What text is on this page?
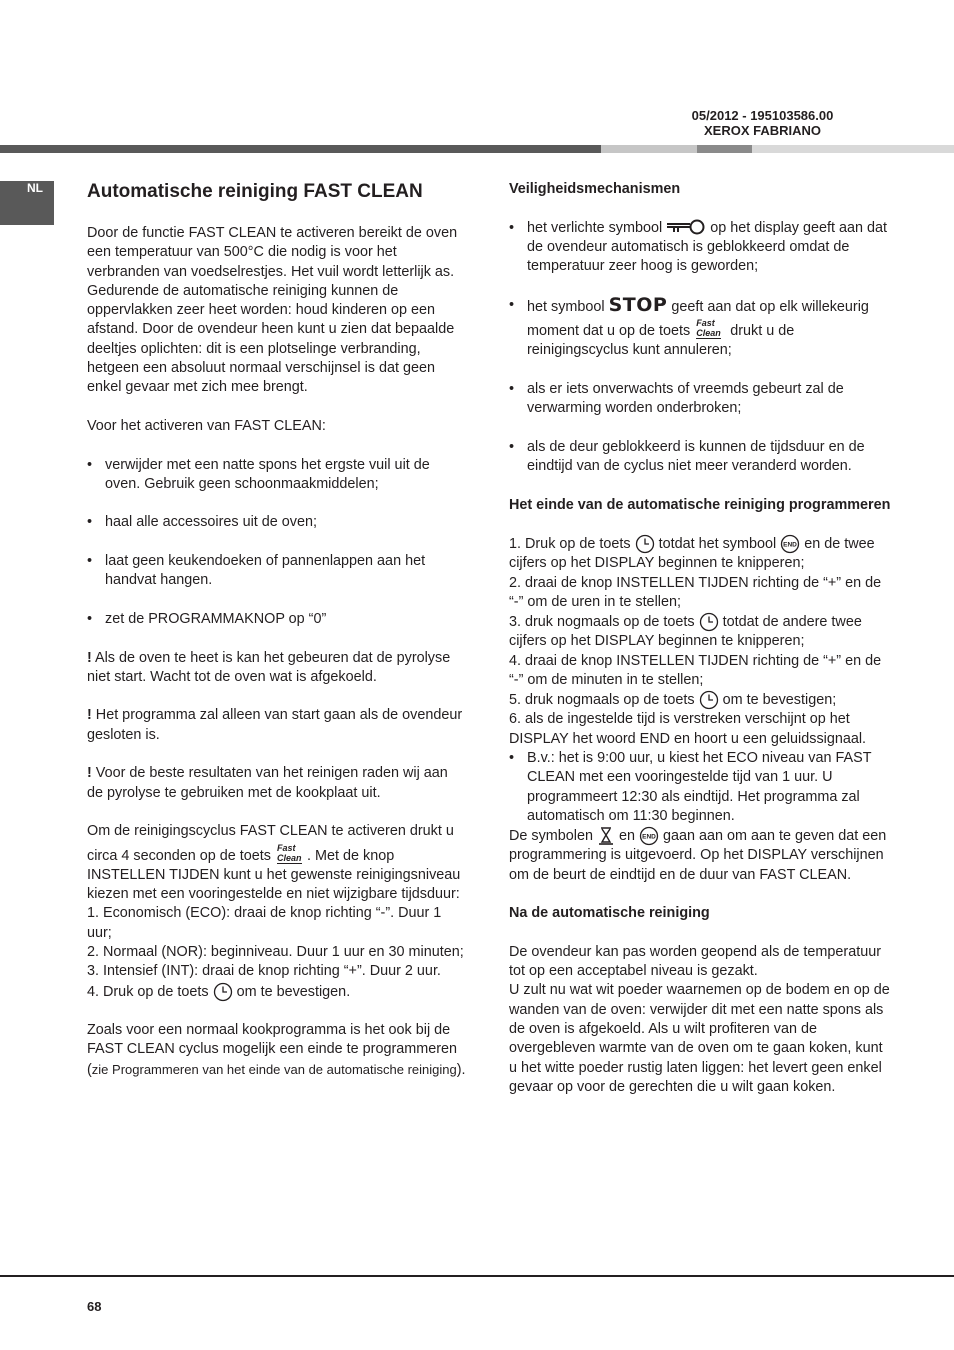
05/2012 - 195103586.00
XEROX FABRIANO
NL Automatische reiniging FAST CLEAN

Door de functie FAST CLEAN te activeren bereikt de oven een temperatuur van 500°C die nodig is voor het verbranden van voedselrestjes. Het vuil wordt letterlijk as.

Gedurende de automatische reiniging kunnen de oppervlakken zeer heet worden: houd kinderen op een afstand. Door de ovendeur heen kunt u zien dat bepaalde deeltjes oplichten: dit is een plotselinge verbranding, hetgeen een absoluut normaal verschijnsel is dat geen enkel gevaar met zich mee brengt.

Voor het activeren van FAST CLEAN:

• verwijder met een natte spons het ergste vuil uit de oven. Gebruik geen schoonmaakmiddelen;

• haal alle accessoires uit de oven;

• laat geen keukendoeken of pannenlappen aan het handvat hangen.

• zet de PROGRAMMAKNOP op “0”

! Als de oven te heet is kan het gebeuren dat de pyrolyse niet start. Wacht tot de oven wat is afgekoeld.

! Het programma zal alleen van start gaan als de ovendeur gesloten is.

! Voor de beste resultaten van het reinigen raden wij aan de pyrolyse te gebruiken met de kookplaat uit.

Om de reinigingscyclus FAST CLEAN te activeren drukt u circa 4 seconden op de toets Fast
Clean . Met de knop INSTELLEN TIJDEN kunt u het gewenste reinigingsniveau kiezen met een vooringestelde en niet wijzigbare tijdsduur:

1. Economisch (ECO): draai de knop richting “-”. Duur 1 uur;

2. Normaal (NOR): beginniveau. Duur 1 uur en 30 minuten;

3. Intensief (INT): draai de knop richting “+”. Duur 2 uur.

4. Druk op de toets om te bevestigen.

Zoals voor een normaal kookprogramma is het ook bij de FAST CLEAN cyclus mogelijk een einde te programmeren (zie Programmeren van het einde van de automatische reiniging).

Veiligheidsmechanismen

• het verlichte symbool	op het display geeft aan dat de ovendeur automatisch is geblokkeerd omdat de temperatuur zeer hoog is geworden;

• het symbool STOP geeft aan dat op elk willekeurig moment dat u op de toets Fast
Clean drukt u de reinigingscyclus kunt annuleren;

• als er iets onverwachts of vreemds gebeurt zal de verwarming worden onderbroken;

• als de deur geblokkeerd is kunnen de tijdsduur en de eindtijd van de cyclus niet meer veranderd worden.

Het einde van de automatische reiniging programmeren

1. Druk op de toets totdat het symbool END en de twee cijfers op het DISPLAY beginnen te knipperen;

2. draai de knop INSTELLEN TIJDEN richting de “+” en de “-” om de uren in te stellen;

3. druk nogmaals op de toets totdat de andere twee cijfers op het DISPLAY beginnen te knipperen;

4. draai de knop INSTELLEN TIJDEN richting de “+” en de “-” om de minuten in te stellen;

5. druk nogmaals op de toets om te bevestigen;

6. als de ingestelde tijd is verstreken verschijnt op het DISPLAY het woord END en hoort u een geluidssignaal.

• B.v.: het is 9:00 uur, u kiest het ECO niveau van FAST CLEAN met een vooringestelde tijd van 1 uur. U programmeert 12:30 als eindtijd. Het programma zal automatisch om 11:30 beginnen.

De symbolen en END gaan aan om aan te geven dat een programmering is uitgevoerd. Op het DISPLAY verschijnen om de beurt de eindtijd en de duur van FAST CLEAN.

Na de automatische reiniging

De ovendeur kan pas worden geopend als de temperatuur tot op een acceptabel niveau is gezakt.

U zult nu wat wit poeder waarnemen op de bodem en op de wanden van de oven: verwijder dit met een natte spons als de oven is afgekoeld. Als u wilt profiteren van de overgebleven warmte van de oven om te gaan koken, kunt u het witte poeder rustig laten liggen: het levert geen enkel gevaar op voor de gerechten die u wilt gaan koken.

68
